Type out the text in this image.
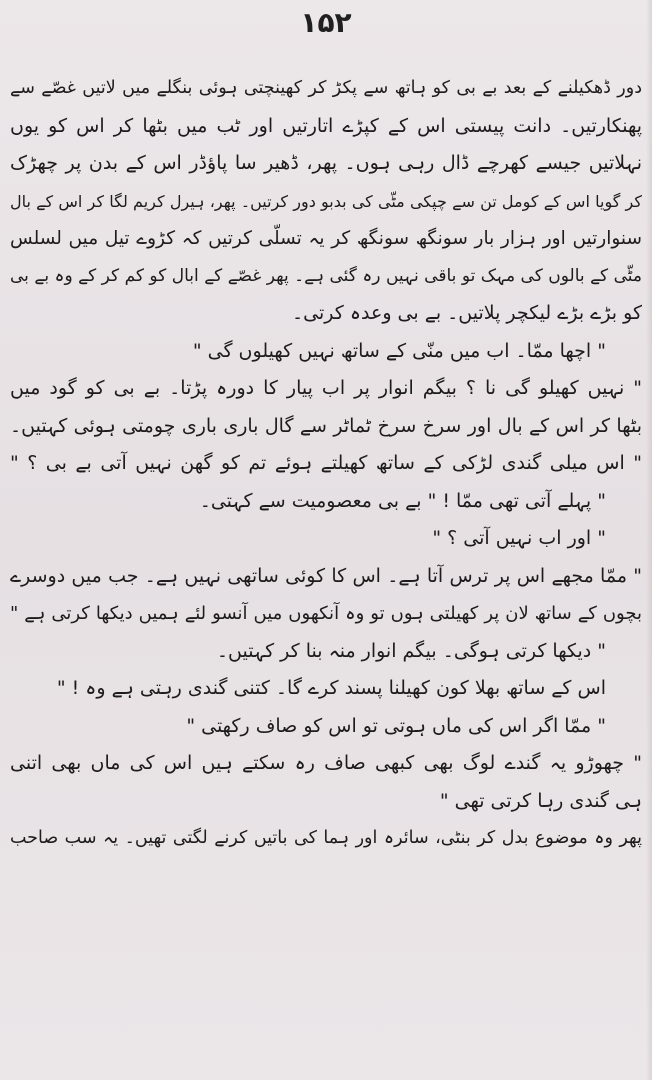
۱۵۲
دور ڈھکیلنے کے بعد بے بی کو ہاتھ سے پکڑ کر کھینچتی ہوئی بنگلے میں لاتیں غصّے سے
پھنکارتیں۔ دانت پیستی اس کے کپڑے اتارتیں اور ٹب میں بٹھا کر اس کو یوں
نہلاتیں جیسے کھرچے ڈال رہی ہوں۔ پھر، ڈھیر سا پاؤڈر اس کے بدن پر چھڑک
کر گویا اس کے کومل تن سے چپکی مٹّی کی بدبو دور کرتیں۔ پھر، ہیرل کریم لگا کر اس کے بال
سنوارتیں اور ہزار بار سونگھ سونگھ کر یہ تسلّی کرتیں کہ کڑوے تیل میں لسلس
مٹّی کے بالوں کی مہک تو باقی نہیں رہ گئی ہے۔ پھر غصّے کے ابال کو کم کر کے وہ بے بی
کو بڑے بڑے لیکچر پلاتیں۔ بے بی وعدہ کرتی۔
" اچھا ممّا۔ اب میں منّی کے ساتھ نہیں کھیلوں گی "
" نہیں کھیلو گی نا ؟ بیگم انوار پر اب پیار کا دورہ پڑتا۔ بے بی کو گود میں
بٹھا کر اس کے بال اور سرخ سرخ ٹماٹر سے گال باری باری چومتی ہوئی کہتیں۔
" اس میلی گندی لڑکی کے ساتھ کھیلتے ہوئے تم کو گھن نہیں آتی بے بی ؟ "
" پہلے آتی تھی ممّا ! " بے بی معصومیت سے کہتی۔
" اور اب نہیں آتی ؟ "
" ممّا مجھے اس پر ترس آتا ہے۔ اس کا کوئی ساتھی نہیں ہے۔ جب میں دوسرے
بچوں کے ساتھ لان پر کھیلتی ہوں تو وہ آنکھوں میں آنسو لئے ہمیں دیکھا کرتی ہے "
" دیکھا کرتی ہوگی۔ بیگم انوار منہ بنا کر کہتیں۔
اس کے ساتھ بھلا کون کھیلنا پسند کرے گا۔ کتنی گندی رہتی ہے وہ ! "
" ممّا اگر اس کی ماں ہوتی تو اس کو صاف رکھتی "
" چھوڑو یہ گندے لوگ بھی کبھی صاف رہ سکتے ہیں اس کی ماں بھی اتنی
ہی گندی رہا کرتی تھی "
پھر وہ موضوع بدل کر بنٹی، سائرہ اور ہما کی باتیں کرنے لگتی تھیں۔ یہ سب صاحب
